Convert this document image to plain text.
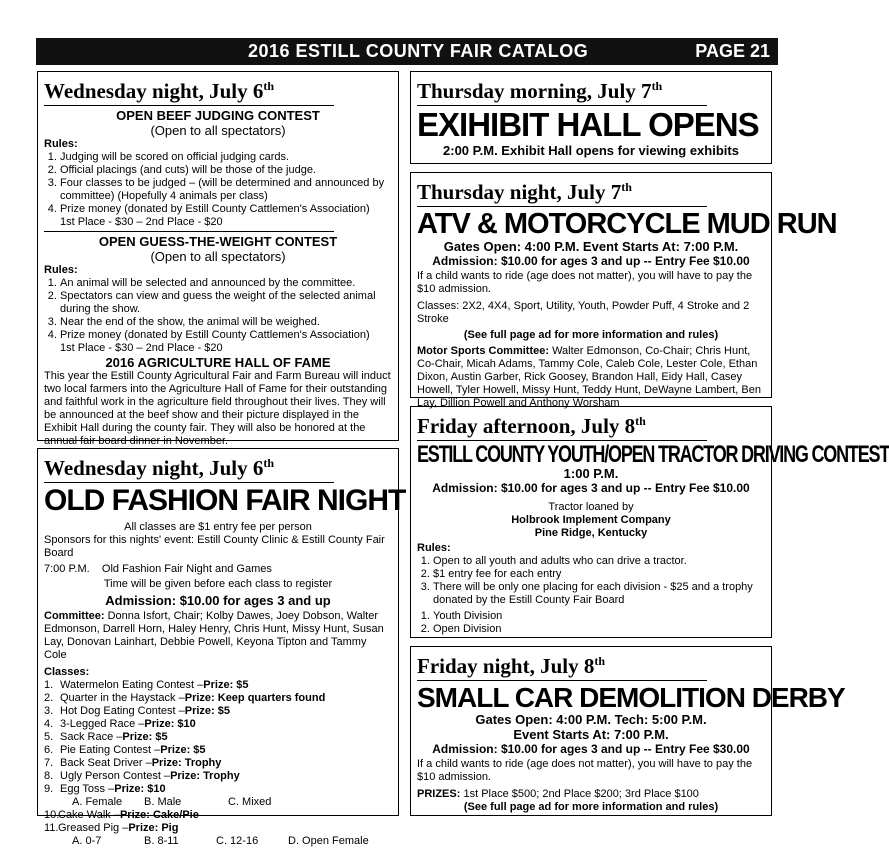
2016 ESTILL COUNTY FAIR CATALOG	PAGE 21
Wednesday night, July 6th
OPEN BEEF JUDGING CONTEST
(Open to all spectators)
Rules:
1. Judging will be scored on official judging cards.
2. Official placings (and cuts) will be those of the judge.
3. Four classes to be judged – (will be determined and announced by committee) (Hopefully 4 animals per class)
4. Prize money (donated by Estill County Cattlemen's Association)
1st Place - $30 – 2nd Place - $20
OPEN GUESS-THE-WEIGHT CONTEST
(Open to all spectators)
Rules:
1. An animal will be selected and announced by the committee.
2. Spectators can view and guess the weight of the selected animal during the show.
3. Near the end of the show, the animal will be weighed.
4. Prize money (donated by Estill County Cattlemen's Association)
1st Place - $30 – 2nd Place - $20
2016 AGRICULTURE HALL OF FAME
This year the Estill County Agricultural Fair and Farm Bureau will induct two local farmers into the Agriculture Hall of Fame for their outstanding and faithful work in the agriculture field throughout their lives. They will be announced at the beef show and their picture displayed in the Exhibit Hall during the county fair. They will also be honored at the annual fair board dinner in November.
Wednesday night, July 6th
OLD FASHION FAIR NIGHT
All classes are $1 entry fee per person
Sponsors for this nights' event: Estill County Clinic & Estill County Fair Board
7:00 P.M. Old Fashion Fair Night and Games
Time will be given before each class to register
Admission: $10.00 for ages 3 and up
Committee: Donna Isfort, Chair; Kolby Dawes, Joey Dobson, Walter Edmonson, Darrell Horn, Haley Henry, Chris Hunt, Missy Hunt, Susan Lay, Donovan Lainhart, Debbie Powell, Keyona Tipton and Tammy Cole
Classes:
1. Watermelon Eating Contest – Prize: $5
2. Quarter in the Haystack – Prize: Keep quarters found
3. Hot Dog Eating Contest – Prize: $5
4. 3-Legged Race – Prize: $10
5. Sack Race – Prize: $5
6. Pie Eating Contest – Prize: $5
7. Back Seat Driver – Prize: Trophy
8. Ugly Person Contest – Prize: Trophy
9. Egg Toss – Prize: $10
A. Female	B. Male	C. Mixed
10.
Cake Walk – Prize: Cake/Pie
11. Greased Pig – Prize: Pig
A. 0-7	B. 8-11	C. 12-16	D. Open Female
Thursday morning, July 7th
EXIHIBIT HALL OPENS
2:00 P.M. Exhibit Hall opens for viewing exhibits
Thursday night, July 7th
ATV & MOTORCYCLE MUD RUN
Gates Open: 4:00 P.M. Event Starts At: 7:00 P.M.
Admission: $10.00 for ages 3 and up -- Entry Fee $10.00
If a child wants to ride (age does not matter), you will have to pay the $10 admission.
Classes: 2X2, 4X4, Sport, Utility, Youth, Powder Puff, 4 Stroke and 2 Stroke
(See full page ad for more information and rules)
Motor Sports Committee: Walter Edmonson, Co-Chair; Chris Hunt, Co-Chair, Micah Adams, Tammy Cole, Caleb Cole, Lester Cole, Ethan Dixon, Austin Garber, Rick Goosey, Brandon Hall, Eidy Hall, Casey Howell, Tyler Howell, Missy Hunt, Teddy Hunt, DeWayne Lambert, Ben Lay, Dillion Powell and Anthony Worsham
Friday afternoon, July 8th
ESTILL COUNTY YOUTH/OPEN TRACTOR DRIVING CONTEST
1:00 P.M.
Admission: $10.00 for ages 3 and up -- Entry Fee $10.00
Tractor loaned by
Holbrook Implement Company
Pine Ridge, Kentucky
Rules:
1. Open to all youth and adults who can drive a tractor.
2. $1 entry fee for each entry
3. There will be only one placing for each division - $25 and a trophy donated by the Estill County Fair Board
1. Youth Division
2. Open Division
Friday night, July 8th
SMALL CAR DEMOLITION DERBY
Gates Open: 4:00 P.M. Tech: 5:00 P.M.
Event Starts At: 7:00 P.M.
Admission: $10.00 for ages 3 and up -- Entry Fee $30.00
If a child wants to ride (age does not matter), you will have to pay the $10 admission.
PRIZES: 1st Place $500; 2nd Place $200; 3rd Place $100
(See full page ad for more information and rules)
